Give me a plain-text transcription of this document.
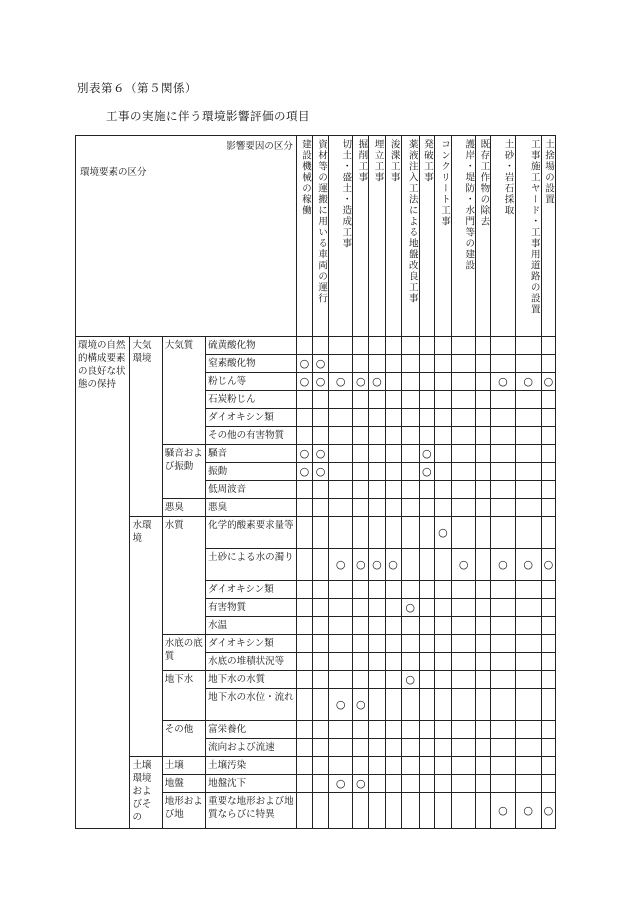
別表第６（第５関係）
工事の実施に伴う環境影響評価の項目
影響要因の区分
環境要素の区分				建設機械の稼働	資材等の運搬に用いる車両の運行	切土・盛土・造成工事	掘削工事	埋立工事	浚渫工事	薬液注入工法による地盤改良工事	発破工事	コンクリート工事	護岸・堤防・水門等の建設	既存工作物の除去	土砂・岩石採取	工事施工ヤード・工事用道路の設置	土捨場の設置
環境の自然的構成要素の良好な状態の保持	大気環境	大気質	硫黄酸化物														
			窒素酸化物	○	○												
			粉じん等	○	○	○	○	○							○	○	○
			石炭粉じん														
			ダイオキシン類														
			その他の有害物質														
		騒音および振動	騒音	○	○						○						
			振動	○	○						○						
			低周波音														
		悪臭	悪臭														
	水環境	水質	化学的酸素要求量等									○					
			土砂による水の濁り			○	○	○	○				○		○	○	○
			ダイオキシン類														
			有害物質							○							
			水温														
		水底の底質	ダイオキシン類														
			水底の堆積状況等														
		地下水	地下水の水質							○							
			地下水の水位・流れ			○	○										
		その他	富栄養化														
			流向および流速														
	土壌環境およびその	土壌	土壌汚染														
		地盤	地盤沈下			○	○										
		地形および地	重要な地形および地質ならびに特異												○	○	○
